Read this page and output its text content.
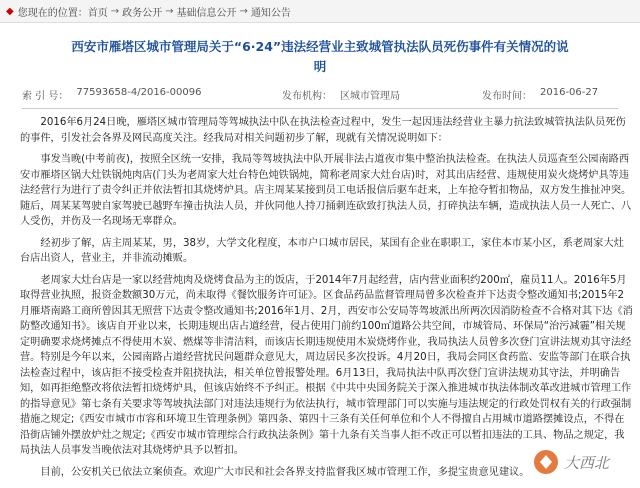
◆ 您现在的位置： 首页 → 政务公开 → 基础信息公开 → 通知公告
西安市雁塔区城市管理局关于“6·24”违法经营业主致城管执法队员死伤事件有关情况的说明
索 引 号： 77593658-4/2016-00096	发布机构： 区城市管理局	发布时间： 2016-06-27

2016年6月24日晚，雁塔区城市管理局等驾城执法中队在执法检查过程中，发生一起因违法经营业主暴力抗法致城管执法队员死伤的事件，引发社会各界及网民高度关注。经我局对相关问题初步了解，现就有关情况说明如下：

事发当晚(中考前夜)，按照全区统一安排，我局等驾坡执法中队开展非法占道夜市集中整治执法检查。在执法人员巡查至公园南路西安市雁塔区锅大灶铁锅炖肉店(门头为老周家大灶台特色炖铁锅炖，简称老周家大灶台店)时，对其出店经营、违规使用炭火烧烤炉具等违法经营行为进行了责令纠正并依法暂扣其烧烤炉具。店主周某某接到员工电话报信后驱车赶来，上车抢夺暂扣物品，双方发生推扯冲突。随后，周某某驾驶自家驾驶已越野车撞击执法人员，并伙同他人持刀捅刺连砍致打执法人员，打碎执法车辆，造成执法人员一人死亡、八人受伤，并伤及一名现场无辜群众。

经初步了解，店主周某某，男，38岁，大学文化程度，本市户口城市居民，某国有企业在职职工，家住本市某小区，系老周家大灶台店出资人，营业主，并非流动摊贩。

老周家大灶台店是一家以经营炖肉及烧烤食品为主的饭店，于2014年7月起经营，店内营业面积约200㎡，雇员11人。2016年5月取得营业执照，报资金数额30万元，尚未取得《餐饮服务许可证》。区食品药品监督管理局曾多次检查并下达责令整改通知书;2015年2月雁塔南路工商所曾因其无照营下达责令整改通知书;2016年1月、2月，西安市公安局等驾坡派出所两次因消防检查不合格对其下达《消防整改通知书》。该店自开业以来，长期违规出店占道经营，侵占使用门前约100㎡道路公共空间，市城管局、环保局“治污减霾”相关规定明确要求烧烤摊点不得使用木炭、燃煤等非清洁料，而该店长期违规使用木炭烧烤作业，我局执法人员曾多次登门宣讲法规劝其守法经营。特别是今年以来，公园南路占道经营扰民问题群众意见大，周边居民多次投诉。4月20日，我局会同区食药监、安监等部门在联合执法检查过程中，该店拒不接受检查并阻挠执法，相关单位曾报警处理。6月13日，我局执法中队再次登门宣讲法规劝其守法，并明确告知，如再拒绝整改将依法暂扣烧烤炉具，但该店始终不予纠正。根据《中共中央国务院关于深入推进城市执法体制改革改进城市管理工作的指导意见》第七条有关要求等驾坡执法部门对违法违规行为依法执行，城市管理部门可以实施与违法规定的行政处罚权有关的行政强制措施之规定;《西安市城市市容和环境卫生管理条例》第四条、第四十三条有关任何单位和个人不得擅自占用城市道路摆摊设点，不得在沿街店铺外摆放炉灶之规定;《西安市城市管理综合行政执法条例》第十九条有关当事人拒不改正可以暂扣违法的工具、物品之规定，我局执法人员事发当晚依法对其烧烤炉具予以暂扣。

目前，公安机关已依法立案侦查。欢迎广大市民和社会各界支持监督我区城市管理工作，多提宝贵意见建议。	大西北
